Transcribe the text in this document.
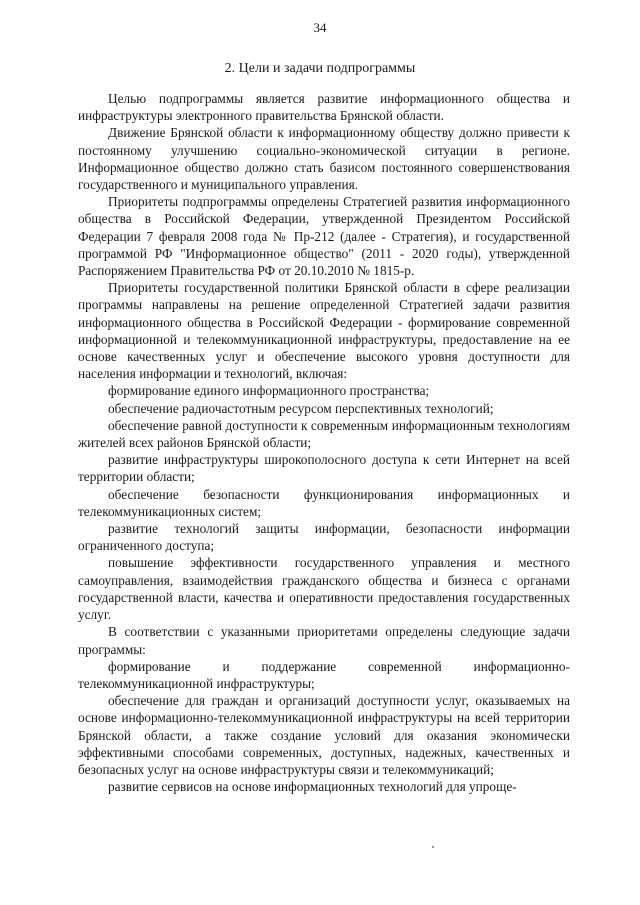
34
2. Цели и задачи подпрограммы

Целью подпрограммы является развитие информационного общества и инфраструктуры электронного правительства Брянской области.

Движение Брянской области к информационному обществу должно привести к постоянному улучшению социально-экономической ситуации в регионе. Информационное общество должно стать базисом постоянного совершенствования государственного и муниципального управления.

Приоритеты подпрограммы определены Стратегией развития информационного общества в Российской Федерации, утвержденной Президентом Российской Федерации 7 февраля 2008 года № Пр-212 (далее - Стратегия), и государственной программой РФ "Информационное общество" (2011 - 2020 годы), утвержденной Распоряжением Правительства РФ от 20.10.2010 № 1815-р.

Приоритеты государственной политики Брянской области в сфере реализации программы направлены на решение определенной Стратегией задачи развития информационного общества в Российской Федерации - формирование современной информационной и телекоммуникационной инфраструктуры, предоставление на ее основе качественных услуг и обеспечение высокого уровня доступности для населения информации и технологий, включая:

формирование единого информационного пространства;

обеспечение радиочастотным ресурсом перспективных технологий;

обеспечение равной доступности к современным информационным технологиям жителей всех районов Брянской области;

развитие инфраструктуры широкополосного доступа к сети Интернет на всей территории области;

обеспечение безопасности функционирования информационных и телекоммуникационных систем;

развитие технологий защиты информации, безопасности информации ограниченного доступа;

повышение эффективности государственного управления и местного самоуправления, взаимодействия гражданского общества и бизнеса с органами государственной власти, качества и оперативности предоставления государственных услуг.

В соответствии с указанными приоритетами определены следующие задачи программы:

формирование и поддержание современной информационно-телекоммуникационной инфраструктуры;

обеспечение для граждан и организаций доступности услуг, оказываемых на основе информационно-телекоммуникационной инфраструктуры на всей территории Брянской области, а также создание условий для оказания экономически эффективными способами современных, доступных, надежных, качественных и безопасных услуг на основе инфраструктуры связи и телекоммуникаций;

развитие сервисов на основе информационных технологий для упроще-
